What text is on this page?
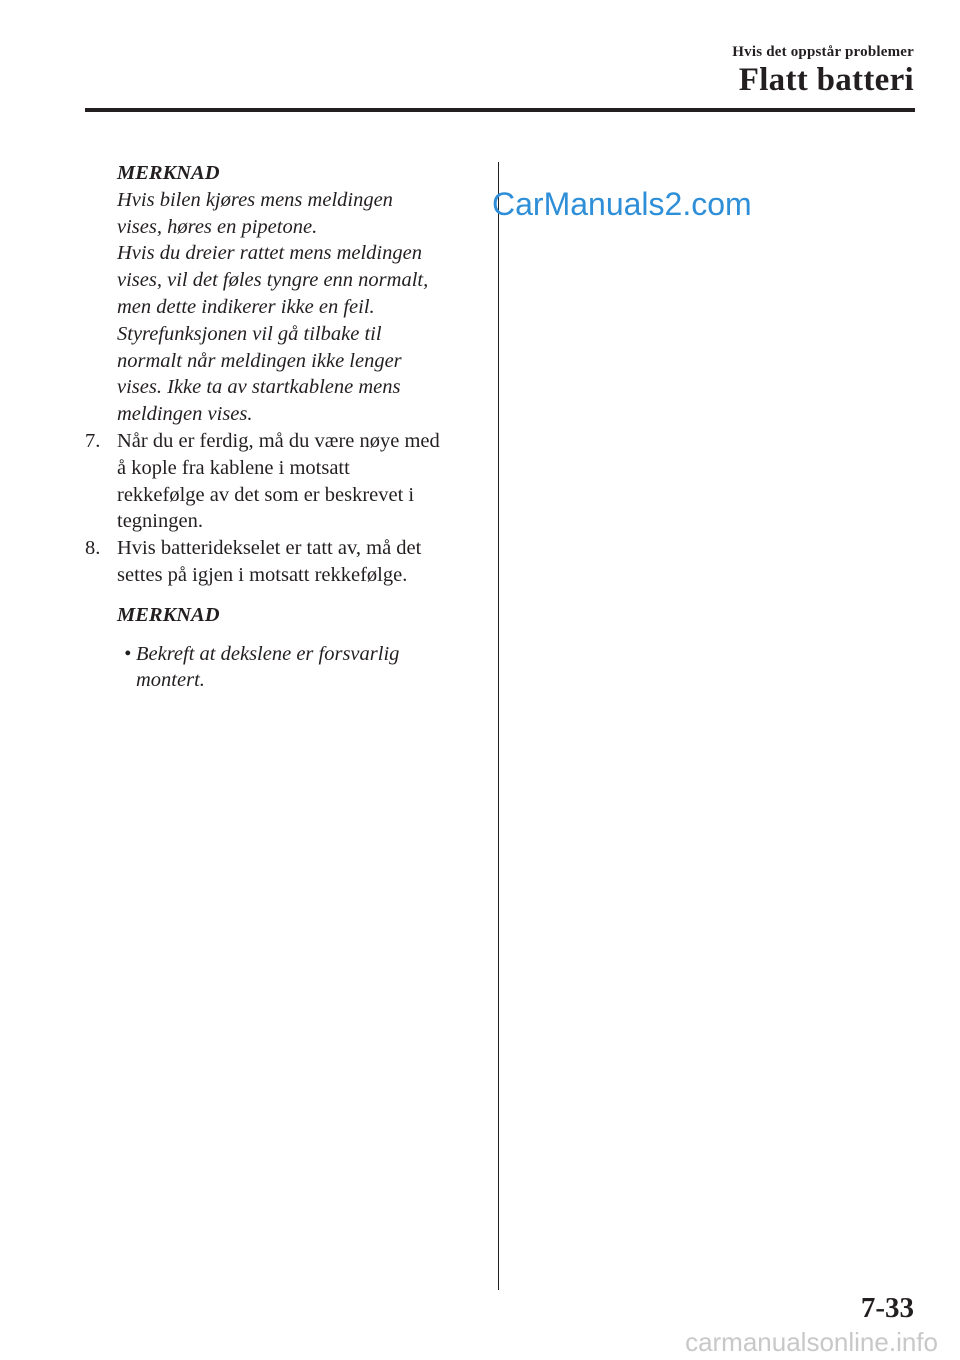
Hvis det oppstår problemer
Flatt batteri
MERKNAD
Hvis bilen kjøres mens meldingen
vises, høres en pipetone.
Hvis du dreier rattet mens meldingen
vises, vil det føles tyngre enn normalt,
men dette indikerer ikke en feil.
Styrefunksjonen vil gå tilbake til
normalt når meldingen ikke lenger
vises. Ikke ta av startkablene mens
meldingen vises.
7. Når du er ferdig, må du være nøye med
å kople fra kablene i motsatt
rekkefølge av det som er beskrevet i
tegningen.
8. Hvis batteridekselet er tatt av, må det
settes på igjen i motsatt rekkefølge.
MERKNAD
• Bekreft at dekslene er forsvarlig
montert.
CarManuals2.com
7-33
carmanualsonline.info
